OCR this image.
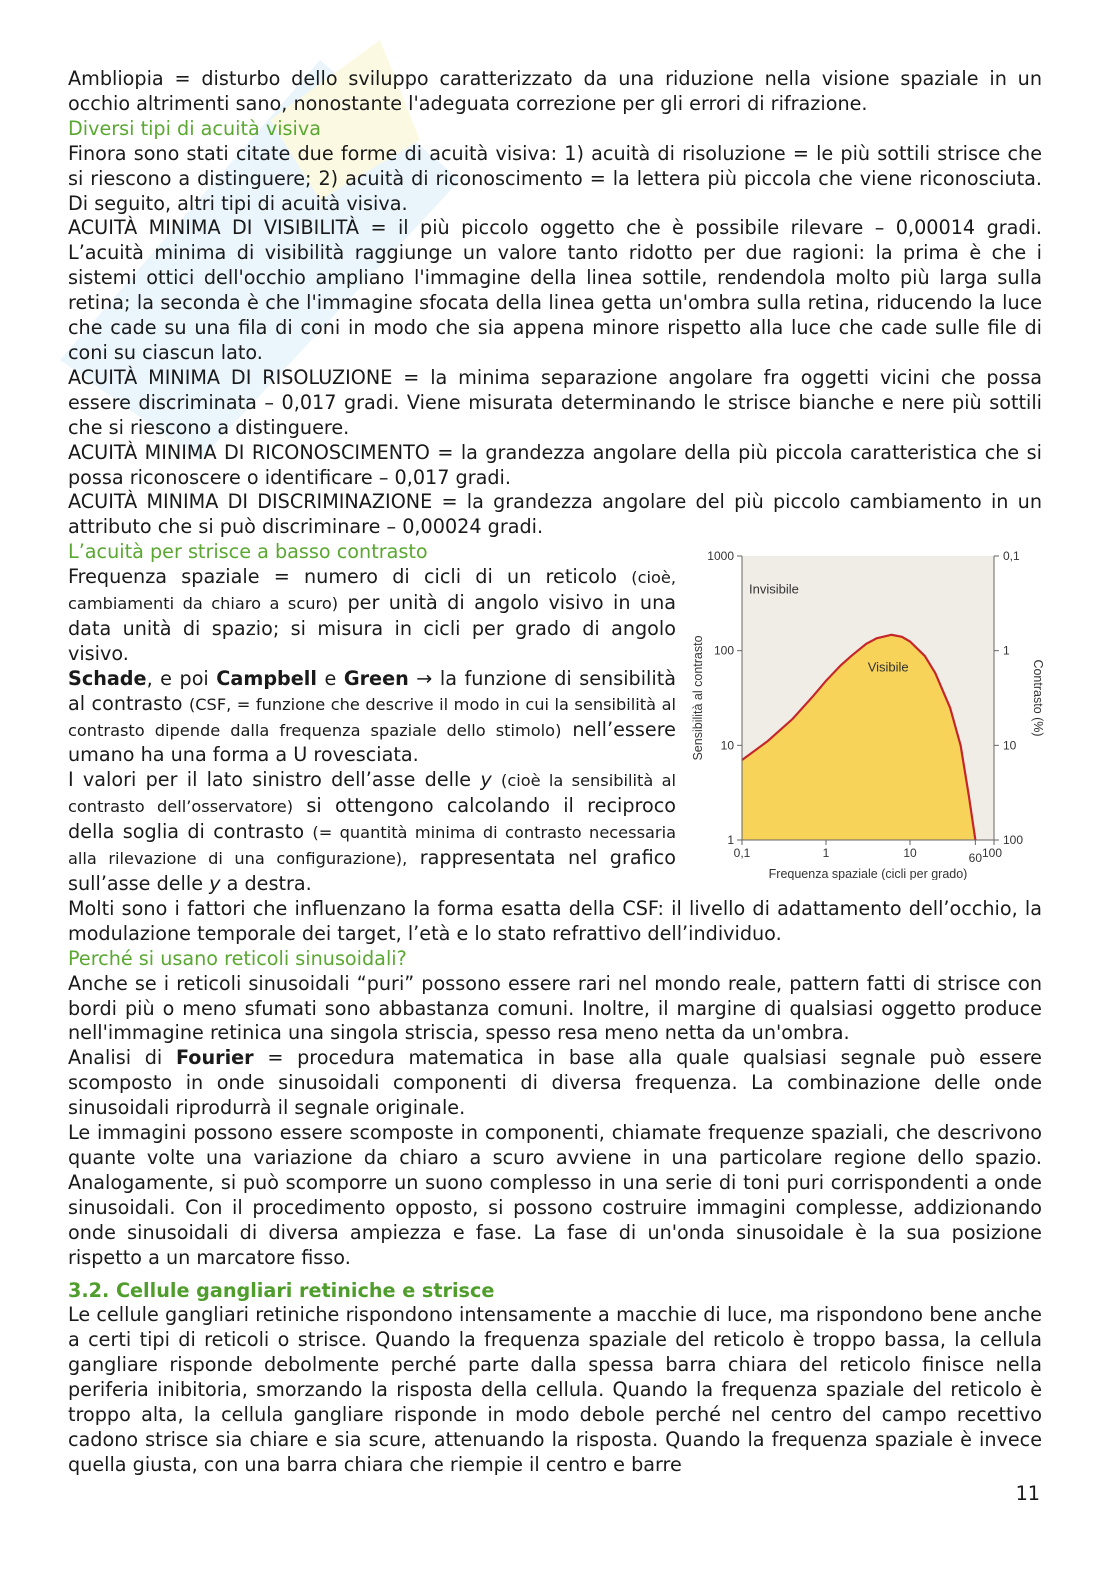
Ambliopia = disturbo dello sviluppo caratterizzato da una riduzione nella visione spaziale in un occhio altrimenti sano, nonostante l'adeguata correzione per gli errori di rifrazione.

Diversi tipi di acuità visiva

Finora sono stati citate due forme di acuità visiva: 1) acuità di risoluzione = le più sottili strisce che si riescono a distinguere; 2) acuità di riconoscimento = la lettera più piccola che viene riconosciuta. Di seguito, altri tipi di acuità visiva.

ACUITÀ MINIMA DI VISIBILITÀ = il più piccolo oggetto che è possibile rilevare – 0,00014 gradi. L’acuità minima di visibilità raggiunge un valore tanto ridotto per due ragioni: la prima è che i sistemi ottici dell'occhio ampliano l'immagine della linea sottile, rendendola molto più larga sulla retina; la seconda è che l'immagine sfocata della linea getta un'ombra sulla retina, riducendo la luce che cade su una fila di coni in modo che sia appena minore rispetto alla luce che cade sulle file di coni su ciascun lato.

ACUITÀ MINIMA DI RISOLUZIONE = la minima separazione angolare fra oggetti vicini che possa essere discriminata – 0,017 gradi. Viene misurata determinando le strisce bianche e nere più sottili che si riescono a distinguere.

ACUITÀ MINIMA DI RICONOSCIMENTO = la grandezza angolare della più piccola caratteristica che si possa riconoscere o identificare – 0,017 gradi.

ACUITÀ MINIMA DI DISCRIMINAZIONE = la grandezza angolare del più piccolo cambiamento in un attributo che si può discriminare – 0,00024 gradi.

1	100
10	10
100	1
1000	0,1
0,1	1	10	100
60
Frequenza spaziale (cicli per grado)
Sensibilità al contrasto	Contrasto (%)
Invisibile
Visibile

L’acuità per strisce a basso contrasto

Frequenza spaziale = numero di cicli di un reticolo (cioè, cambiamenti da chiaro a scuro) per unità di angolo visivo in una data unità di spazio; si misura in cicli per grado di angolo visivo.

Schade, e poi Campbell e Green → la funzione di sensibilità al contrasto (CSF, = funzione che descrive il modo in cui la sensibilità al contrasto dipende dalla frequenza spaziale dello stimolo) nell’essere umano ha una forma a U rovesciata.

I valori per il lato sinistro dell’asse delle y (cioè la sensibilità al contrasto dell’osservatore) si ottengono calcolando il reciproco della soglia di contrasto (= quantità minima di contrasto necessaria alla rilevazione di una configurazione), rappresentata nel grafico sull’asse delle y a destra.

Molti sono i fattori che influenzano la forma esatta della CSF: il livello di adattamento dell’occhio, la modulazione temporale dei target, l’età e lo stato refrattivo dell’individuo.

Perché si usano reticoli sinusoidali?

Anche se i reticoli sinusoidali “puri” possono essere rari nel mondo reale, pattern fatti di strisce con bordi più o meno sfumati sono abbastanza comuni. Inoltre, il margine di qualsiasi oggetto produce nell'immagine retinica una singola striscia, spesso resa meno netta da un'ombra.

Analisi di Fourier = procedura matematica in base alla quale qualsiasi segnale può essere scomposto in onde sinusoidali componenti di diversa frequenza. La combinazione delle onde sinusoidali riprodurrà il segnale originale.

Le immagini possono essere scomposte in componenti, chiamate frequenze spaziali, che descrivono quante volte una variazione da chiaro a scuro avviene in una particolare regione dello spazio. Analogamente, si può scomporre un suono complesso in una serie di toni puri corrispondenti a onde sinusoidali. Con il procedimento opposto, si possono costruire immagini complesse, addizionando onde sinusoidali di diversa ampiezza e fase. La fase di un'onda sinusoidale è la sua posizione rispetto a un marcatore fisso.

3.2. Cellule gangliari retiniche e strisce

Le cellule gangliari retiniche rispondono intensamente a macchie di luce, ma rispondono bene anche a certi tipi di reticoli o strisce. Quando la frequenza spaziale del reticolo è troppo bassa, la cellula gangliare risponde debolmente perché parte dalla spessa barra chiara del reticolo finisce nella periferia inibitoria, smorzando la risposta della cellula. Quando la frequenza spaziale del reticolo è troppo alta, la cellula gangliare risponde in modo debole perché nel centro del campo recettivo cadono strisce sia chiare e sia scure, attenuando la risposta. Quando la frequenza spaziale è invece quella giusta, con una barra chiara che riempie il centro e barre

11
